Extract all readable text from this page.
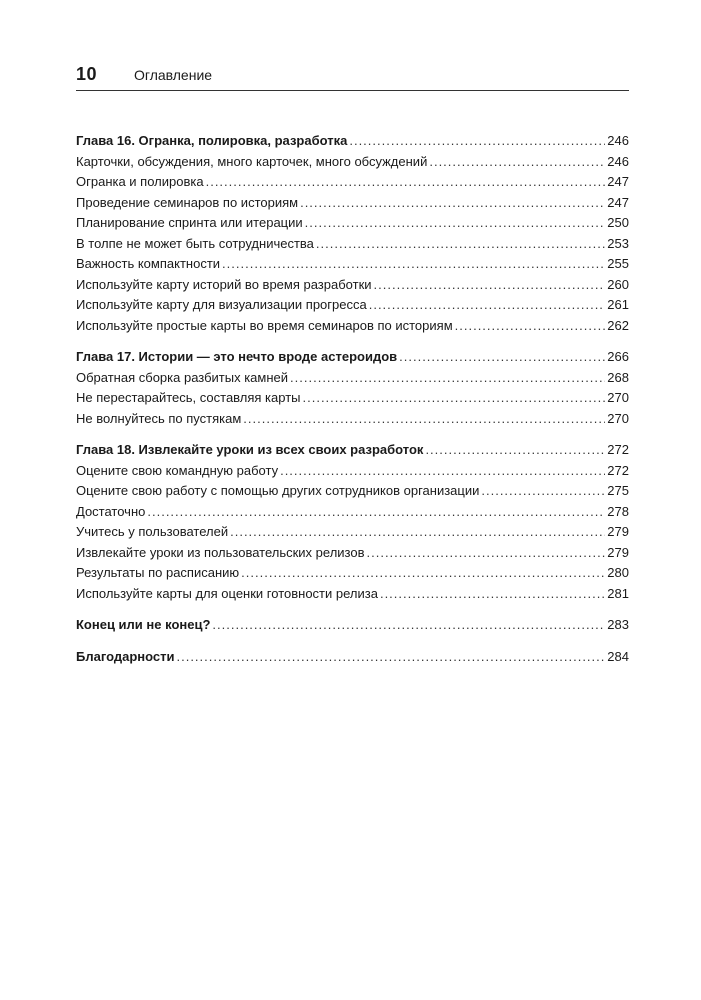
10	Оглавление
Глава 16. Огранка, полировка, разработка .....	246
Карточки, обсуждения, много карточек, много обсуждений .....	246
Огранка и полировка .....	247
Проведение семинаров по историям .....	247
Планирование спринта или итерации .....	250
В толпе не может быть сотрудничества .....	253
Важность компактности .....	255
Используйте карту историй во время разработки .....	260
Используйте карту для визуализации прогресса .....	261
Используйте простые карты во время семинаров по историям .....	262
Глава 17. Истории — это нечто вроде астероидов .....	266
Обратная сборка разбитых камней .....	268
Не перестарайтесь, составляя карты .....	270
Не волнуйтесь по пустякам .....	270
Глава 18. Извлекайте уроки из всех своих разработок .....	272
Оцените свою командную работу .....	272
Оцените свою работу с помощью других сотрудников организации .....	275
Достаточно .....	278
Учитесь у пользователей .....	279
Извлекайте уроки из пользовательских релизов .....	279
Результаты по расписанию .....	280
Используйте карты для оценки готовности релиза .....	281
Конец или не конец? .....	283
Благодарности .....	284
